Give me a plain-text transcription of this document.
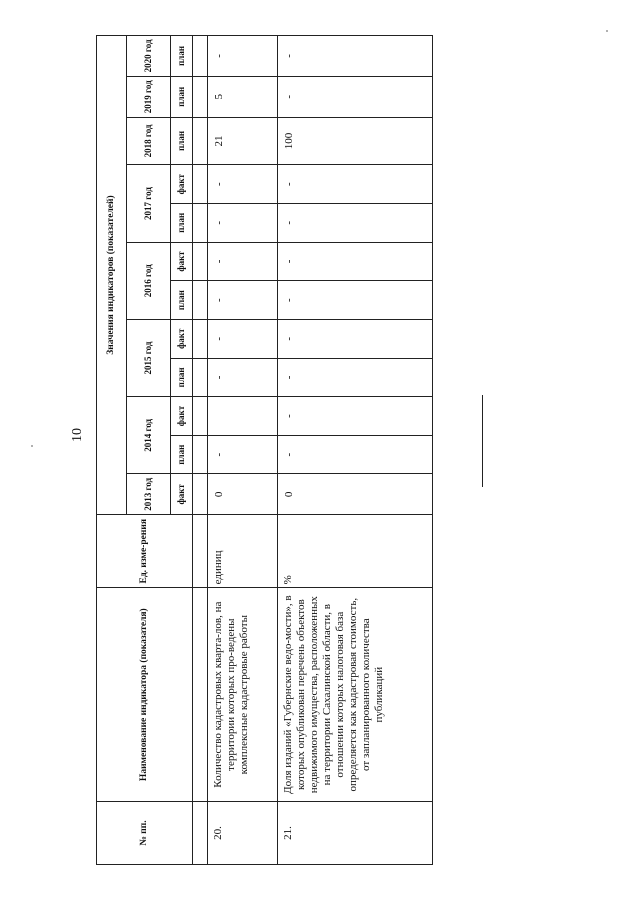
10
№ пп.	Наименование индикатора (показателя)	Ед. изме-рения	Значения индикаторов (показателей)											
			2013 год	2014 год		2015 год		2016 год		2017 год		2018 год	2019 год	2020 год
			факт	план	факт	план	факт	план	факт	план	факт	план	план	план

20.	Количество кадастровых кварта-лов, на территории которых про-ведены комплексные кадастровые работы	единиц	0	-		-	-	-	-	-	-	21	5	-
21.	Доля изданий «Губернские ведо-мости», в которых опубликован перечень объектов недвижимого имущества, расположенных на территории Сахалинской области, в отношении которых налоговая база определяется как кадастровая стоимость, от запланированного количества публикаций	%	0	-	-	-	-	-	-	-	-	100	-	-
